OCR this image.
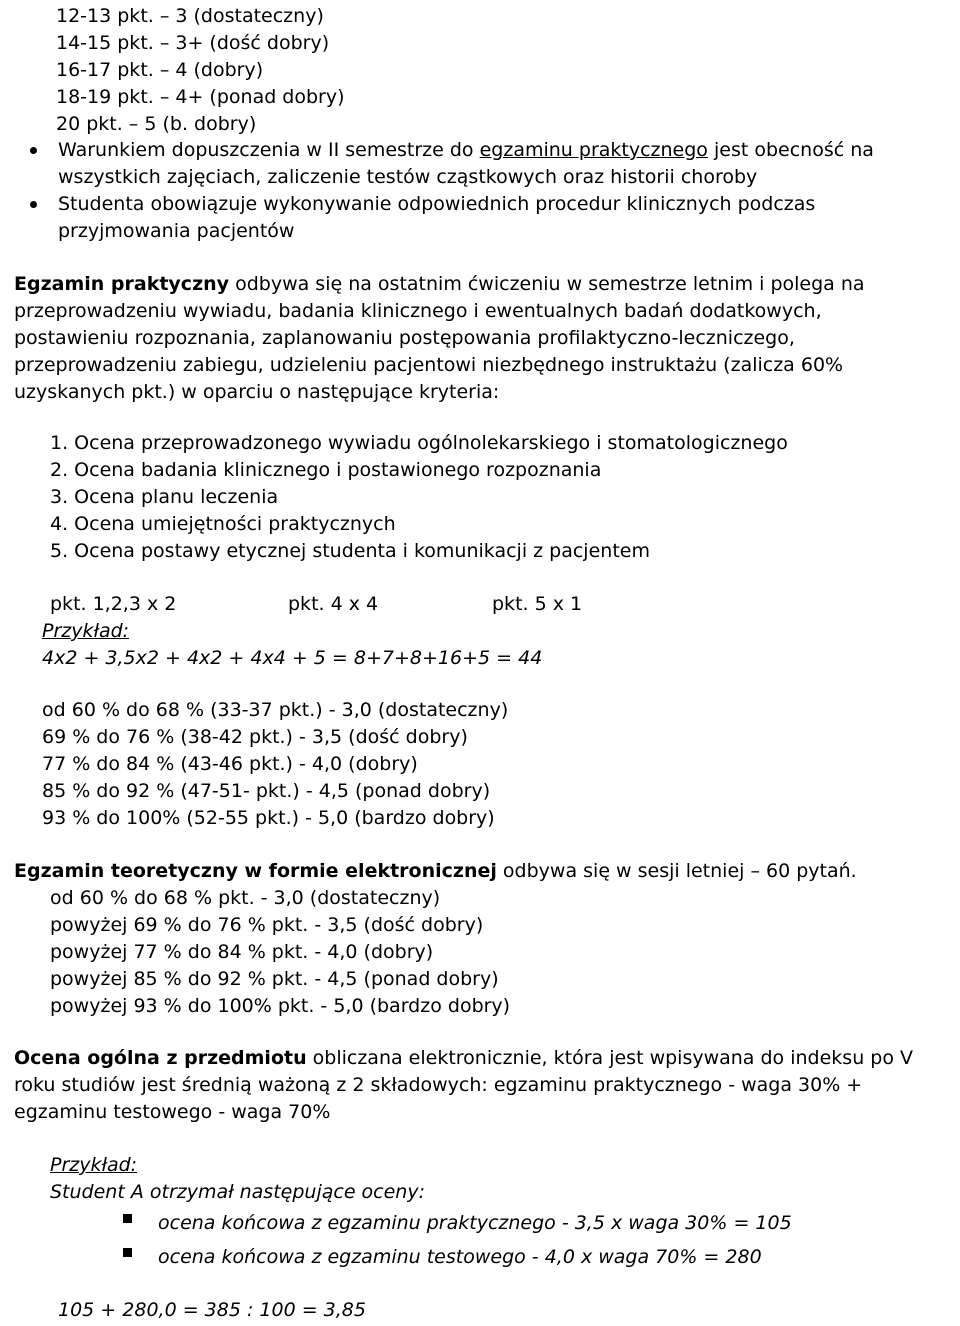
12-13 pkt. – 3 (dostateczny)
14-15 pkt. – 3+ (dość dobry)
16-17 pkt. – 4 (dobry)
18-19 pkt. – 4+ (ponad dobry)
20 pkt. – 5 (b. dobry)
Warunkiem dopuszczenia w II semestrze do egzaminu praktycznego jest obecność na
wszystkich zajęciach, zaliczenie testów cząstkowych oraz historii choroby
Studenta obowiązuje wykonywanie odpowiednich procedur klinicznych podczas
przyjmowania pacjentów
Egzamin praktyczny odbywa się na ostatnim ćwiczeniu w semestrze letnim i polega na
przeprowadzeniu wywiadu, badania klinicznego i ewentualnych badań dodatkowych,
postawieniu rozpoznania, zaplanowaniu postępowania profilaktyczno-leczniczego,
przeprowadzeniu zabiegu, udzieleniu pacjentowi niezbędnego instruktażu (zalicza 60%
uzyskanych pkt.) w oparciu o następujące kryteria:
1. Ocena przeprowadzonego wywiadu ogólnolekarskiego i stomatologicznego
2. Ocena badania klinicznego i postawionego rozpoznania
3. Ocena planu leczenia
4. Ocena umiejętności praktycznych
5. Ocena postawy etycznej studenta i komunikacji z pacjentem
pkt. 1,2,3 x 2	pkt. 4 x 4	pkt. 5 x 1
Przykład:
4x2 + 3,5x2 + 4x2 + 4x4 + 5 = 8+7+8+16+5 = 44
od 60 % do 68 % (33-37 pkt.) - 3,0 (dostateczny)
69 % do 76 % (38-42 pkt.) - 3,5 (dość dobry)
77 % do 84 % (43-46 pkt.) - 4,0 (dobry)
85 % do 92 % (47-51- pkt.) - 4,5 (ponad dobry)
93 % do 100% (52-55 pkt.) - 5,0 (bardzo dobry)
Egzamin teoretyczny w formie elektronicznej odbywa się w sesji letniej – 60 pytań.
od 60 % do 68 % pkt. - 3,0 (dostateczny)
powyżej 69 % do 76 % pkt. - 3,5 (dość dobry)
powyżej 77 % do 84 % pkt. - 4,0 (dobry)
powyżej 85 % do 92 % pkt. - 4,5 (ponad dobry)
powyżej 93 % do 100% pkt. - 5,0 (bardzo dobry)
Ocena ogólna z przedmiotu obliczana elektronicznie, która jest wpisywana do indeksu po V
roku studiów jest średnią ważoną z 2 składowych: egzaminu praktycznego - waga 30% +
egzaminu testowego - waga 70%
Przykład:
Student A otrzymał następujące oceny:
ocena końcowa z egzaminu praktycznego - 3,5 x waga 30% = 105
ocena końcowa z egzaminu testowego - 4,0 x waga 70% = 280
105 + 280,0 = 385 : 100 = 3,85
